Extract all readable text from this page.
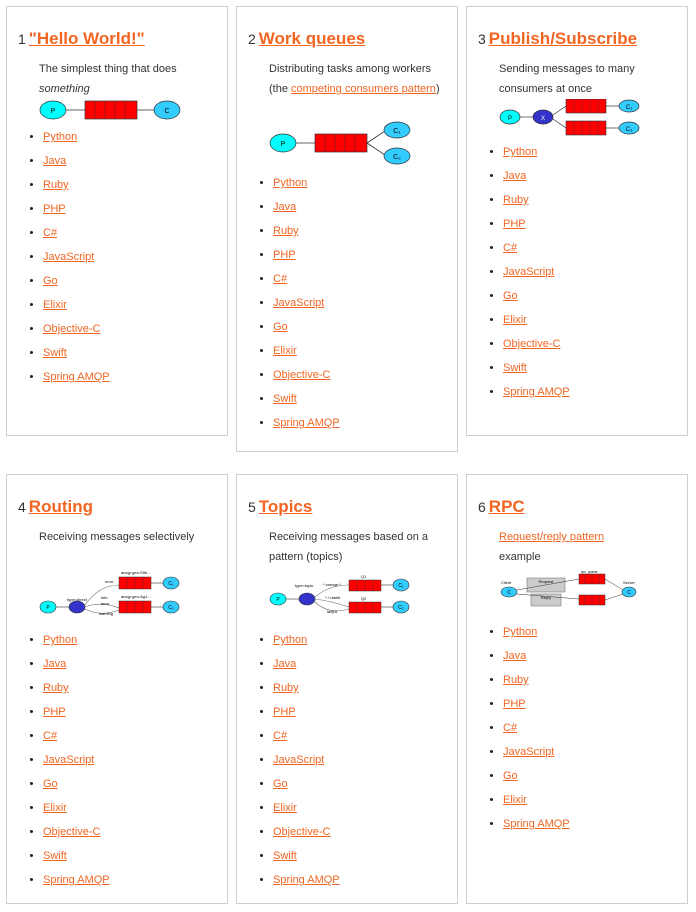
1 "Hello World!"
The simplest thing that does
something
P	C
• Python
• Java
• Ruby
• PHP
• C#
• JavaScript
• Go
• Elixir
• Objective-C
• Swift
• Spring AMQP
2 Work queues
Distributing tasks among workers (the competing consumers pattern)
P
C₁
C₂
• Python
• Java
• Ruby
• PHP
• C#
• JavaScript
• Go
• Elixir
• Objective-C
• Swift
• Spring AMQP
3 Publish/Subscribe
Sending messages to many consumers at once
P	X
C₁
C₂
• Python
• Java
• Ruby
• PHP
• C#
• JavaScript
• Go
• Elixir
• Objective-C
• Swift
• Spring AMQP
4 Routing
Receiving messages selectively
P
type=direct
error
info
error
warning
amqp.gen-S9b...
amqp.gen-Ag1...
C₁
C₂
• Python
• Java
• Ruby
• PHP
• C#
• JavaScript
• Go
• Elixir
• Objective-C
• Swift
• Spring AMQP
5 Topics
Receiving messages based on a pattern (topics)
P
type=topic *.orange.*
*.*.rabbit
lazy.#
Q1
Q2
C₁
C₂
• Python
• Java
• Ruby
• PHP
• C#
• JavaScript
• Go
• Elixir
• Objective-C
• Swift
• Spring AMQP
6 RPC
Request/reply pattern
example
Client
C
Request
Reply
rpc_queue
Server
C
• Python
• Java
• Ruby
• PHP
• C#
• JavaScript
• Go
• Elixir
• Spring AMQP
